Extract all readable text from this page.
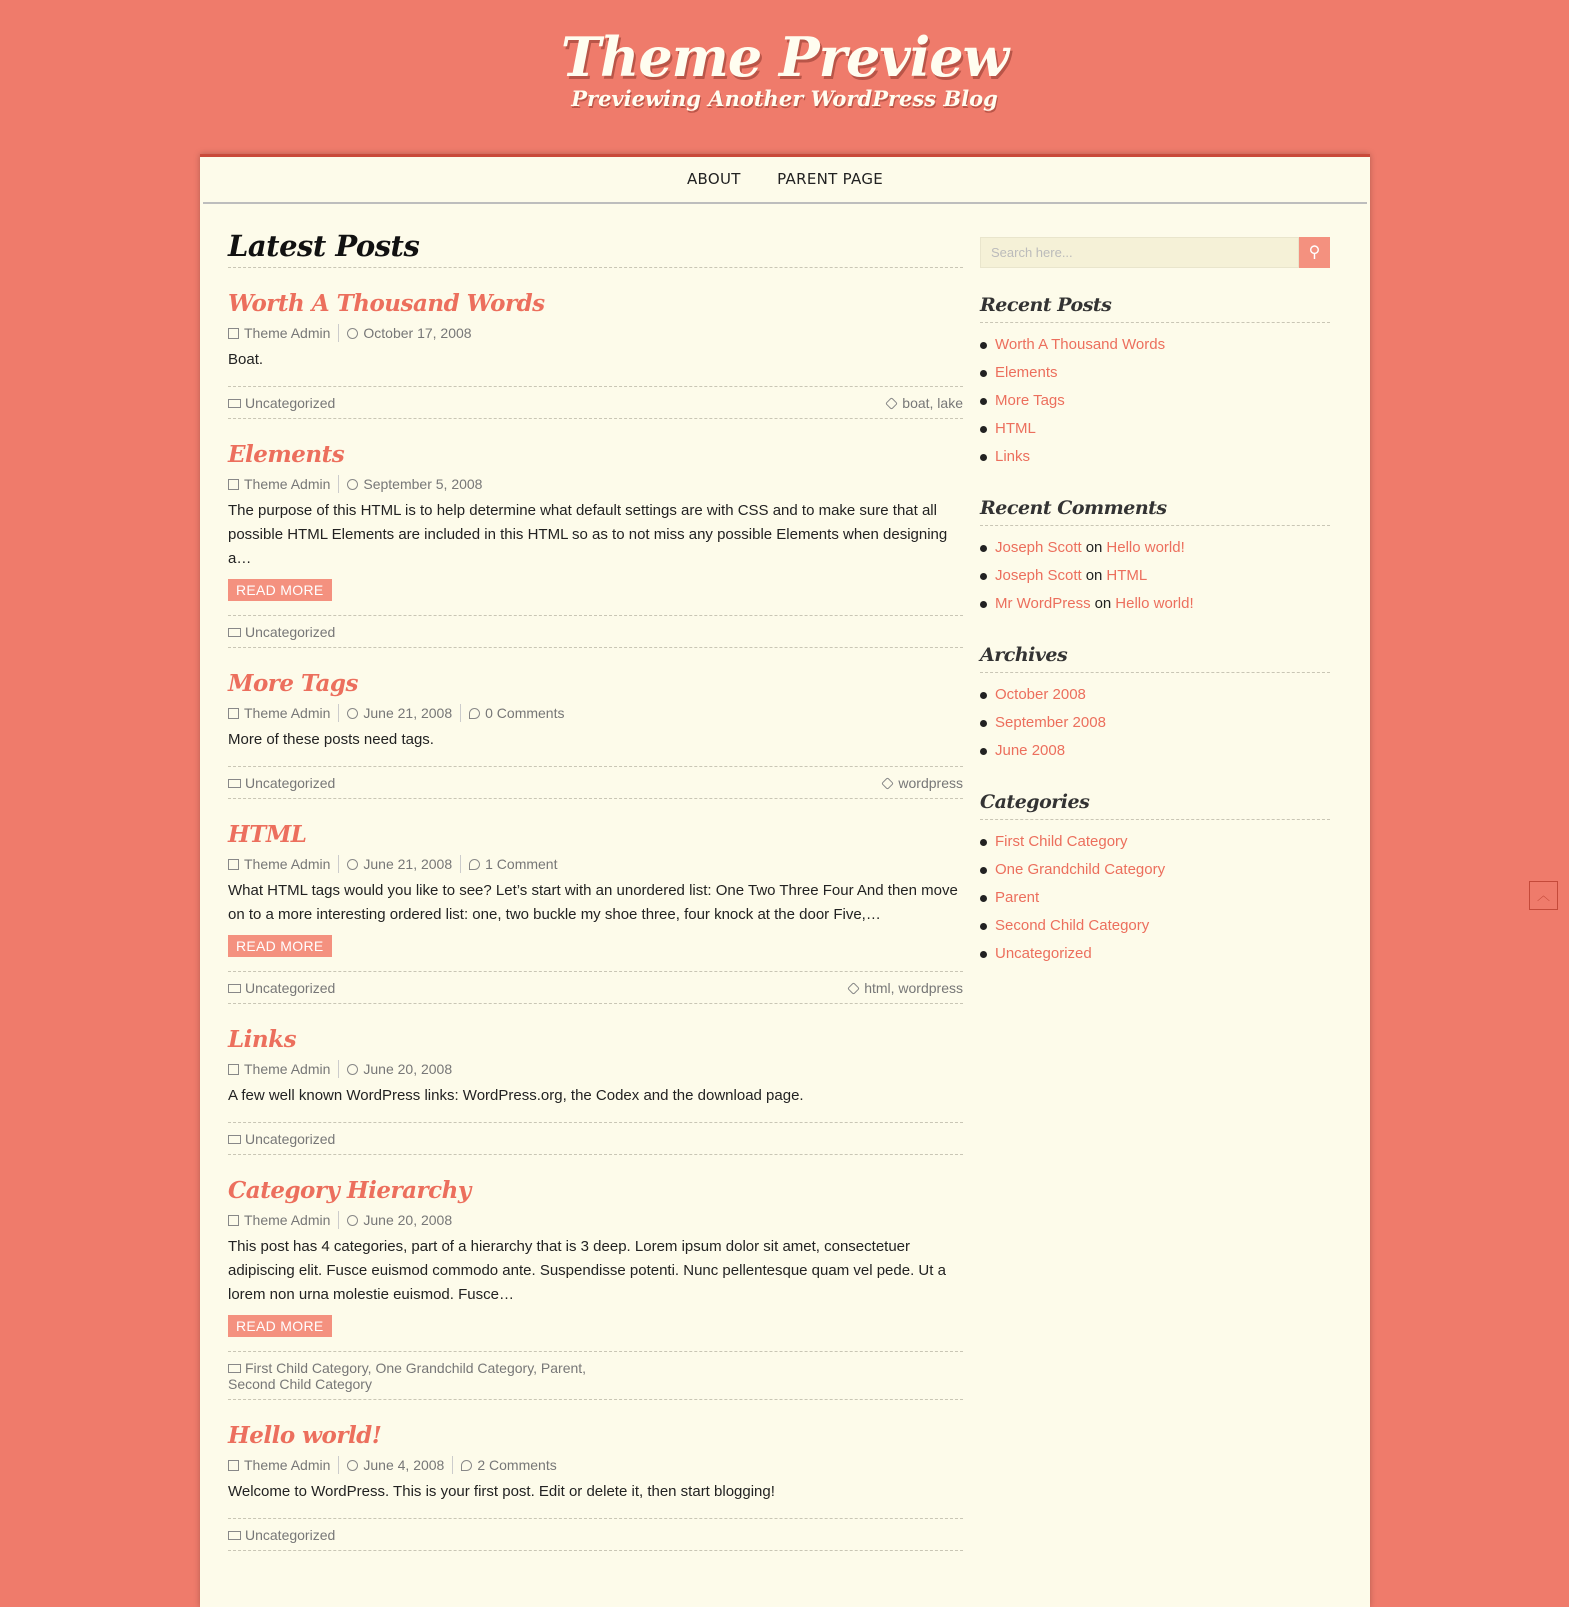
Theme Preview
Previewing Another WordPress Blog
ABOUT PARENT PAGE
Latest Posts
Worth A Thousand Words
Theme Admin October 17, 2008
Boat.
Uncategorized	boat, lake
Elements
Theme Admin September 5, 2008
The purpose of this HTML is to help determine what default settings are with CSS and to make sure that all possible HTML Elements are included in this HTML so as to not miss any possible Elements when designing a…
READ MORE
Uncategorized
More Tags
Theme Admin June 21, 2008 0 Comments
More of these posts need tags.
Uncategorized	wordpress
HTML
Theme Admin June 21, 2008 1 Comment
What HTML tags would you like to see? Let’s start with an unordered list: One Two Three Four And then move on to a more interesting ordered list: one, two buckle my shoe three, four knock at the door Five,…
READ MORE
Uncategorized	html, wordpress
Links
Theme Admin June 20, 2008
A few well known WordPress links: WordPress.org, the Codex and the download page.
Uncategorized
Category Hierarchy
Theme Admin June 20, 2008
This post has 4 categories, part of a hierarchy that is 3 deep. Lorem ipsum dolor sit amet, consectetuer adipiscing elit. Fusce euismod commodo ante. Suspendisse potenti. Nunc pellentesque quam vel pede. Ut a lorem non urna molestie euismod. Fusce…
READ MORE
First Child Category, One Grandchild Category, Parent, Second Child Category
Hello world!
Theme Admin June 4, 2008 2 Comments
Welcome to WordPress. This is your first post. Edit or delete it, then start blogging!
Uncategorized
Search here...	⚲
Recent Posts
Worth A Thousand Words
Elements
More Tags
HTML
Links
Recent Comments
Joseph Scott on Hello world!
Joseph Scott on HTML
Mr WordPress on Hello world!
Archives
October 2008
September 2008
June 2008
Categories
First Child Category
One Grandchild Category
Parent
Second Child Category
Uncategorized
︿
